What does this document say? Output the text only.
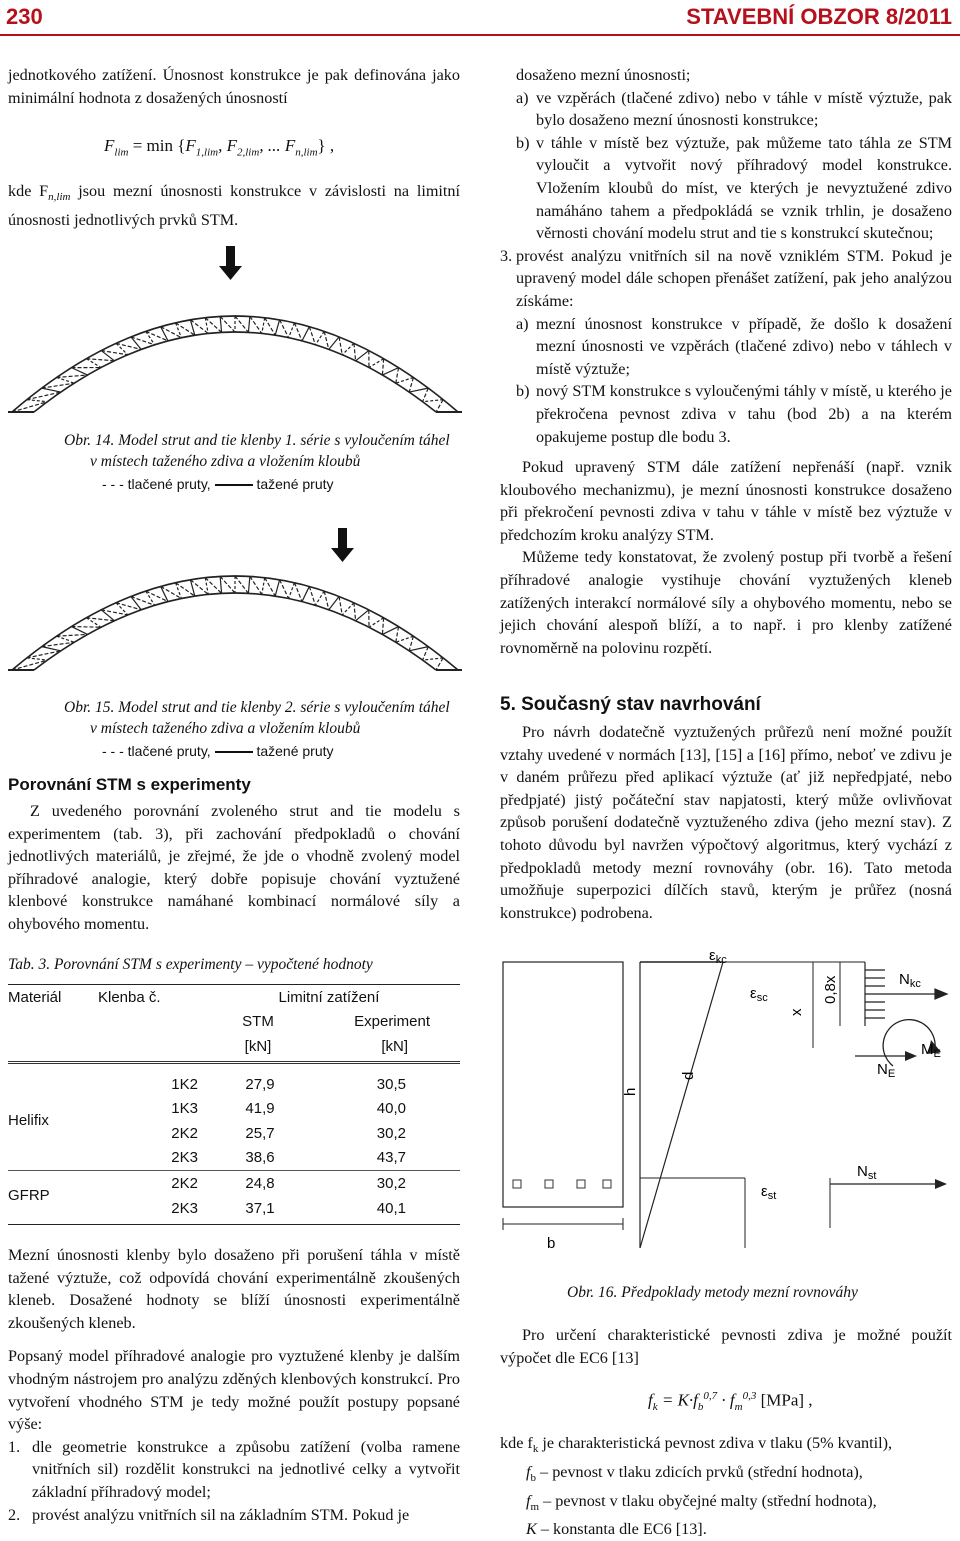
230	STAVEBNÍ OBZOR 8/2011

jednotkového zatížení. Únosnost konstrukce je pak definována jako minimální hodnota z dosažených únosností

$F_{lim} = \min \{F_{1,lim}$, $F_{2,lim}$, ... $F_{n,lim}$} ,

kde $F_{n,lim}$ jsou mezní únosnosti konstrukce v závislosti na limitní únosnosti jednotlivých prvků STM.

Obr. 14. Model strut and tie klenby 1. série s vyloučením táhel
v místech taženého zdiva a vložením kloubů
- - - tlačené pruty,	tažené pruty
Obr. 15. Model strut and tie klenby 2. série s vyloučením táhel
v místech taženého zdiva a vložením kloubů
- - - tlačené pruty,	tažené pruty
Porovnání STM s experimenty

Z uvedeného porovnání zvoleného strut and tie modelu s experimentem (tab. 3), při zachování předpokladů o chování jednotlivých materiálů, je zřejmé, že jde o vhodně zvolený model příhradové analogie, který dobře popisuje chování vyztužené klenbové konstrukce namáhané kombinací normálové síly a ohybového momentu.

Tab. 3. Porovnání STM s experimenty – vypočtené hodnoty
Materiál	Klenba č.	Limitní zatížení	
		STM	Experiment
		[kN]	[kN]
Helifix	1K2	27,9	30,5
	1K3	41,9	40,0
	2K2	25,7	30,2
	2K3	38,6	43,7
GFRP	2K2	24,8	30,2
	2K3	37,1	40,1

Mezní únosnosti klenby bylo dosaženo při porušení táhla v místě tažené výztuže, což odpovídá chování experimentálně zkoušených kleneb. Dosažené hodnoty se blíží únosnosti experimentálně zkoušených kleneb.

Popsaný model příhradové analogie pro vyztužené klenby je dalším vhodným nástrojem pro analýzu zděných klenbových konstrukcí. Pro vytvoření vhodného STM je tedy možné použít postupy popsané výše:

1. dle geometrie konstrukce a způsobu zatížení (volba ramene vnitřních sil) rozdělit konstrukci na jednotlivé celky a vytvořit základní příhradový model;
2. provést analýzu vnitřních sil na základním STM. Pokud je

dosaženo mezní únosnosti;

a) ve vzpěrách (tlačené zdivo) nebo v táhle v místě výztuže, pak bylo dosaženo mezní únosnosti konstrukce;
b) v táhle v místě bez výztuže, pak můžeme tato táhla ze STM vyloučit a vytvořit nový příhradový model konstrukce. Vložením kloubů do míst, ve kterých je nevyztužené zdivo namáháno tahem a předpokládá se vznik trhlin, je dosaženo věrnosti chování modelu strut and tie s konstrukcí skutečnou;
3. provést analýzu vnitřních sil na nově vzniklém STM. Pokud je upravený model dále schopen přenášet zatížení, pak jeho analýzou získáme:
a) mezní únosnost konstrukce v případě, že došlo k dosažení mezní únosnosti ve vzpěrách (tlačené zdivo) nebo v táhlech v místě výztuže;
b) nový STM konstrukce s vyloučenými táhly v místě, u kterého je překročena pevnost zdiva v tahu (bod 2b) a na kterém opakujeme postup dle bodu 3.

Pokud upravený STM dále zatížení nepřenáší (např. vznik kloubového mechanizmu), je mezní únosnosti konstrukce dosaženo při překročení pevnosti zdiva v tahu v táhle v místě bez výztuže v předchozím kroku analýzy STM.

Můžeme tedy konstatovat, že zvolený postup při tvorbě a řešení příhradové analogie vystihuje chování vyztužených kleneb zatížených interakcí normálové síly a ohybového momentu, nebo se jejich chování alespoň blíží, a to např. i pro klenby zatížené rovnoměrně na polovinu rozpětí.

5. Současný stav navrhování

Pro návrh dodatečně vyztužených průřezů není možné použít vztahy uvedené v normách [13], [15] a [16] přímo, neboť ve zdivu je v daném průřezu před aplikací výztuže (ať již nepředpjaté, nebo předpjaté) jistý počáteční stav napjatosti, který může ovlivňovat způsob porušení dodatečně vyztuženého zdiva (jeho mezní stav). Z tohoto důvodu byl navržen výpočtový algoritmus, který vychází z předpokladů metody mezní rovnováhy (obr. 16). Tato metoda umožňuje superpozici dílčích stavů, kterým je průřez (nosná konstrukce) podrobena.

b
$\varepsilon_{kc}$
$\varepsilon_{sc}$
$\varepsilon_{st}$
x
0,8x
h
d
$N_{kc}$
$M_E$
$N_E$
$N_{st}$
Obr. 16. Předpoklady metody mezní rovnováhy

Pro určení charakteristické pevnosti zdiva je možné použít výpočet dle EC6 [13]

$f_k = K\cdot f_b^{0,7} \cdot f_m^{0,3}$ [MPa] ,
kde $f_k$ je charakteristická pevnost zdiva v tlaku (5% kvantil),
$f_b$ – pevnost v tlaku zdicích prvků (střední hodnota),
$f_m$ – pevnost v tlaku obyčejné malty (střední hodnota),
K – konstanta dle EC6 [13].
